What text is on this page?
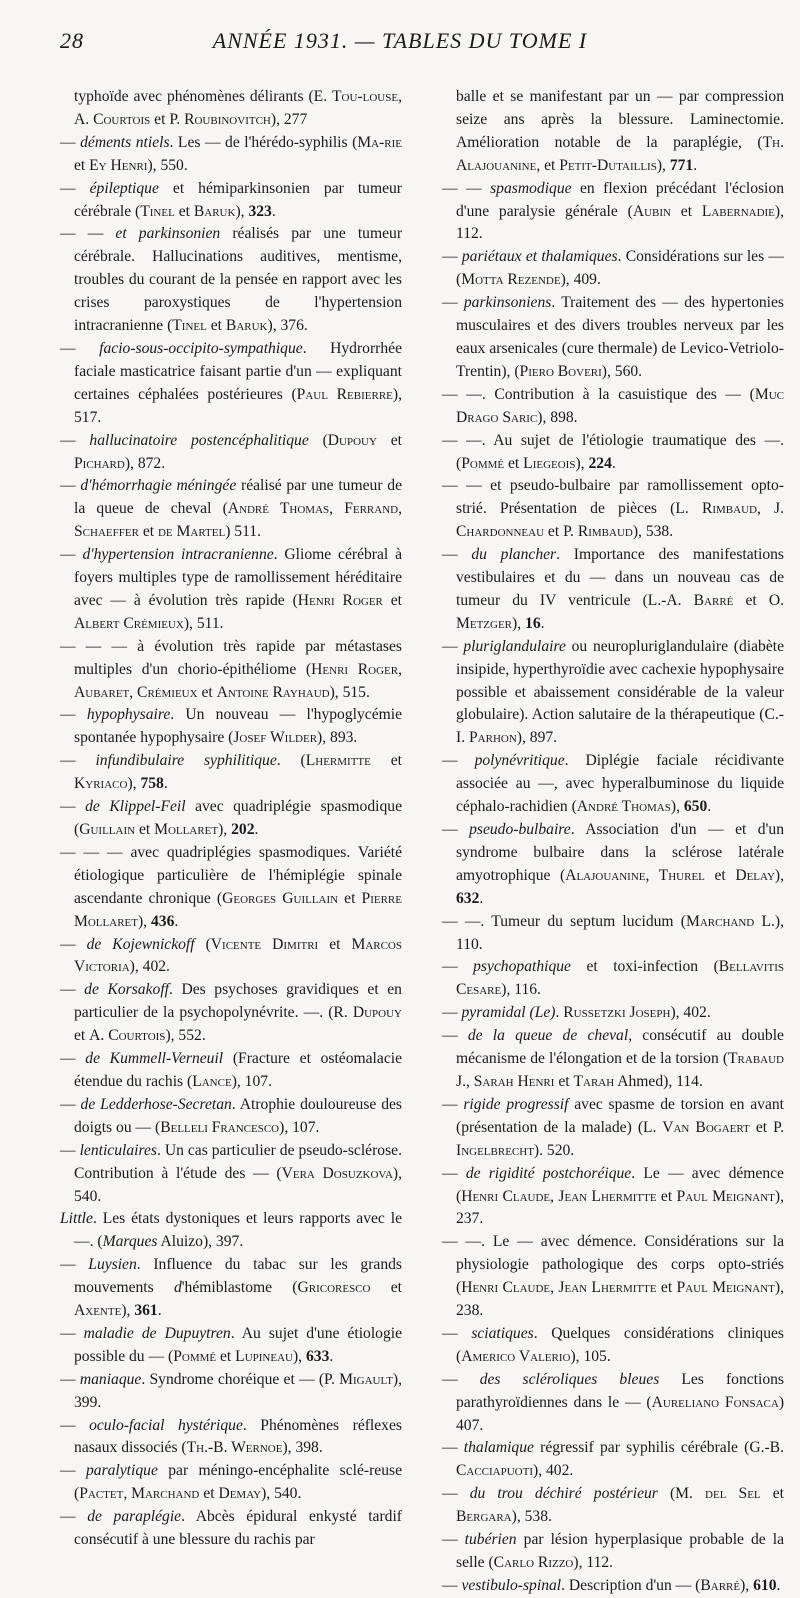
28	ANNÉE 1931. — TABLES DU TOME I

typhoïde avec phénomènes délirants (E. Tou-louse, A. Courtois et P. Roubinovitch), 277

— déments ntiels. Les — de l'hérédo-syphilis (Ma-rie et Ey Henri), 550.

— épileptique et hémiparkinsonien par tumeur cérébrale (Tinel et Baruk), 323.

— — et parkinsonien réalisés par une tumeur cérébrale. Hallucinations auditives, mentisme, troubles du courant de la pensée en rapport avec les crises paroxystiques de l'hypertension intracranienne (Tinel et Baruk), 376.

— facio-sous-occipito-sympathique. Hydrorrhée faciale masticatrice faisant partie d'un — expliquant certaines céphalées postérieures (Paul Rebierre), 517.

— hallucinatoire postencéphalitique (Dupouy et Pichard), 872.

— d'hémorrhagie méningée réalisé par une tumeur de la queue de cheval (André Thomas, Ferrand, Schaeffer et de Martel) 511.

— d'hypertension intracranienne. Gliome cérébral à foyers multiples type de ramollissement héréditaire avec — à évolution très rapide (Henri Roger et Albert Crémieux), 511.

— — — à évolution très rapide par métastases multiples d'un chorio-épithéliome (Henri Roger, Aubaret, Crémieux et Antoine Rayhaud), 515.

— hypophysaire. Un nouveau — l'hypoglycémie spontanée hypophysaire (Josef Wilder), 893.

— infundibulaire syphilitique. (Lhermitte et Kyriaco), 758.

— de Klippel-Feil avec quadriplégie spasmodique (Guillain et Mollaret), 202.

— — — avec quadriplégies spasmodiques. Variété étiologique particulière de l'hémiplégie spinale ascendante chronique (Georges Guillain et Pierre Mollaret), 436.

— de Kojewnickoff (Vicente Dimitri et Marcos Victoria), 402.

— de Korsakoff. Des psychoses gravidiques et en particulier de la psychopolynévrite. —. (R. Dupouy et A. Courtois), 552.

— de Kummell-Verneuil (Fracture et ostéomalacie étendue du rachis (Lance), 107.

— de Ledderhose-Secretan. Atrophie douloureuse des doigts ou — (Belleli Francesco), 107.

— lenticulaires. Un cas particulier de pseudo-sclérose. Contribution à l'étude des — (Vera Dosuzkova), 540.

Little. Les états dystoniques et leurs rapports avec le —. (Marques Aluizo), 397.

— Luysien. Influence du tabac sur les grands mouvements d'hémiblastome (Gricoresco et Axente), 361.

— maladie de Dupuytren. Au sujet d'une étiologie possible du — (Pommé et Lupineau), 633.

— maniaque. Syndrome choréique et — (P. Migault), 399.

— oculo-facial hystérique. Phénomènes réflexes nasaux dissociés (Th.-B. Wernoe), 398.

— paralytique par méningo-encéphalite sclé-reuse (Pactet, Marchand et Demay), 540.

— de paraplégie. Abcès épidural enkysté tardif consécutif à une blessure du rachis par

balle et se manifestant par un — par compression seize ans après la blessure. Laminectomie. Amélioration notable de la paraplégie, (Th. Alajouanine, et Petit-Dutaillis), 771.

— — spasmodique en flexion précédant l'éclosion d'une paralysie générale (Aubin et Labernadie), 112.

— pariétaux et thalamiques. Considérations sur les — (Motta Rezende), 409.

— parkinsoniens. Traitement des — des hypertonies musculaires et des divers troubles nerveux par les eaux arsenicales (cure thermale) de Levico-Vetriolo-Trentin), (Piero Boveri), 560.

— —. Contribution à la casuistique des — (Muc Drago Saric), 898.

— —. Au sujet de l'étiologie traumatique des —. (Pommé et Liegeois), 224.

— — et pseudo-bulbaire par ramollissement opto-strié. Présentation de pièces (L. Rimbaud, J. Chardonneau et P. Rimbaud), 538.

— du plancher. Importance des manifestations vestibulaires et du — dans un nouveau cas de tumeur du IV ventricule (L.-A. Barré et O. Metzger), 16.

— pluriglandulaire ou neuropluriglandulaire (diabète insipide, hyperthyroïdie avec cachexie hypophysaire possible et abaissement considérable de la valeur globulaire). Action salutaire de la thérapeutique (C.-I. Parhon), 897.

— polynévritique. Diplégie faciale récidivante associée au —, avec hyperalbuminose du liquide céphalo-rachidien (André Thomas), 650.

— pseudo-bulbaire. Association d'un — et d'un syndrome bulbaire dans la sclérose latérale amyotrophique (Alajouanine, Thurel et Delay), 632.

— —. Tumeur du septum lucidum (Marchand L.), 110.

— psychopathique et toxi-infection (Bellavitis Cesare), 116.

— pyramidal (Le). Russetzki Joseph), 402.

— de la queue de cheval, consécutif au double mécanisme de l'élongation et de la torsion (Trabaud J., Sarah Henri et Tarah Ahmed), 114.

— rigide progressif avec spasme de torsion en avant (présentation de la malade) (L. Van Bogaert et P. Ingelbrecht). 520.

— de rigidité postchoréique. Le — avec démence (Henri Claude, Jean Lhermitte et Paul Meignant), 237.

— —. Le — avec démence. Considérations sur la physiologie pathologique des corps opto-striés (Henri Claude, Jean Lhermitte et Paul Meignant), 238.

— sciatiques. Quelques considérations cliniques (Americo Valerio), 105.

— des scléroliques bleues Les fonctions parathyroïdiennes dans le — (Aureliano Fonsaca) 407.

— thalamique régressif par syphilis cérébrale (G.-B. Cacciapuoti), 402.

— du trou déchiré postérieur (M. del Sel et Bergara), 538.

— tubérien par lésion hyperplasique probable de la selle (Carlo Rizzo), 112.

— vestibulo-spinal. Description d'un — (Barré), 610.
